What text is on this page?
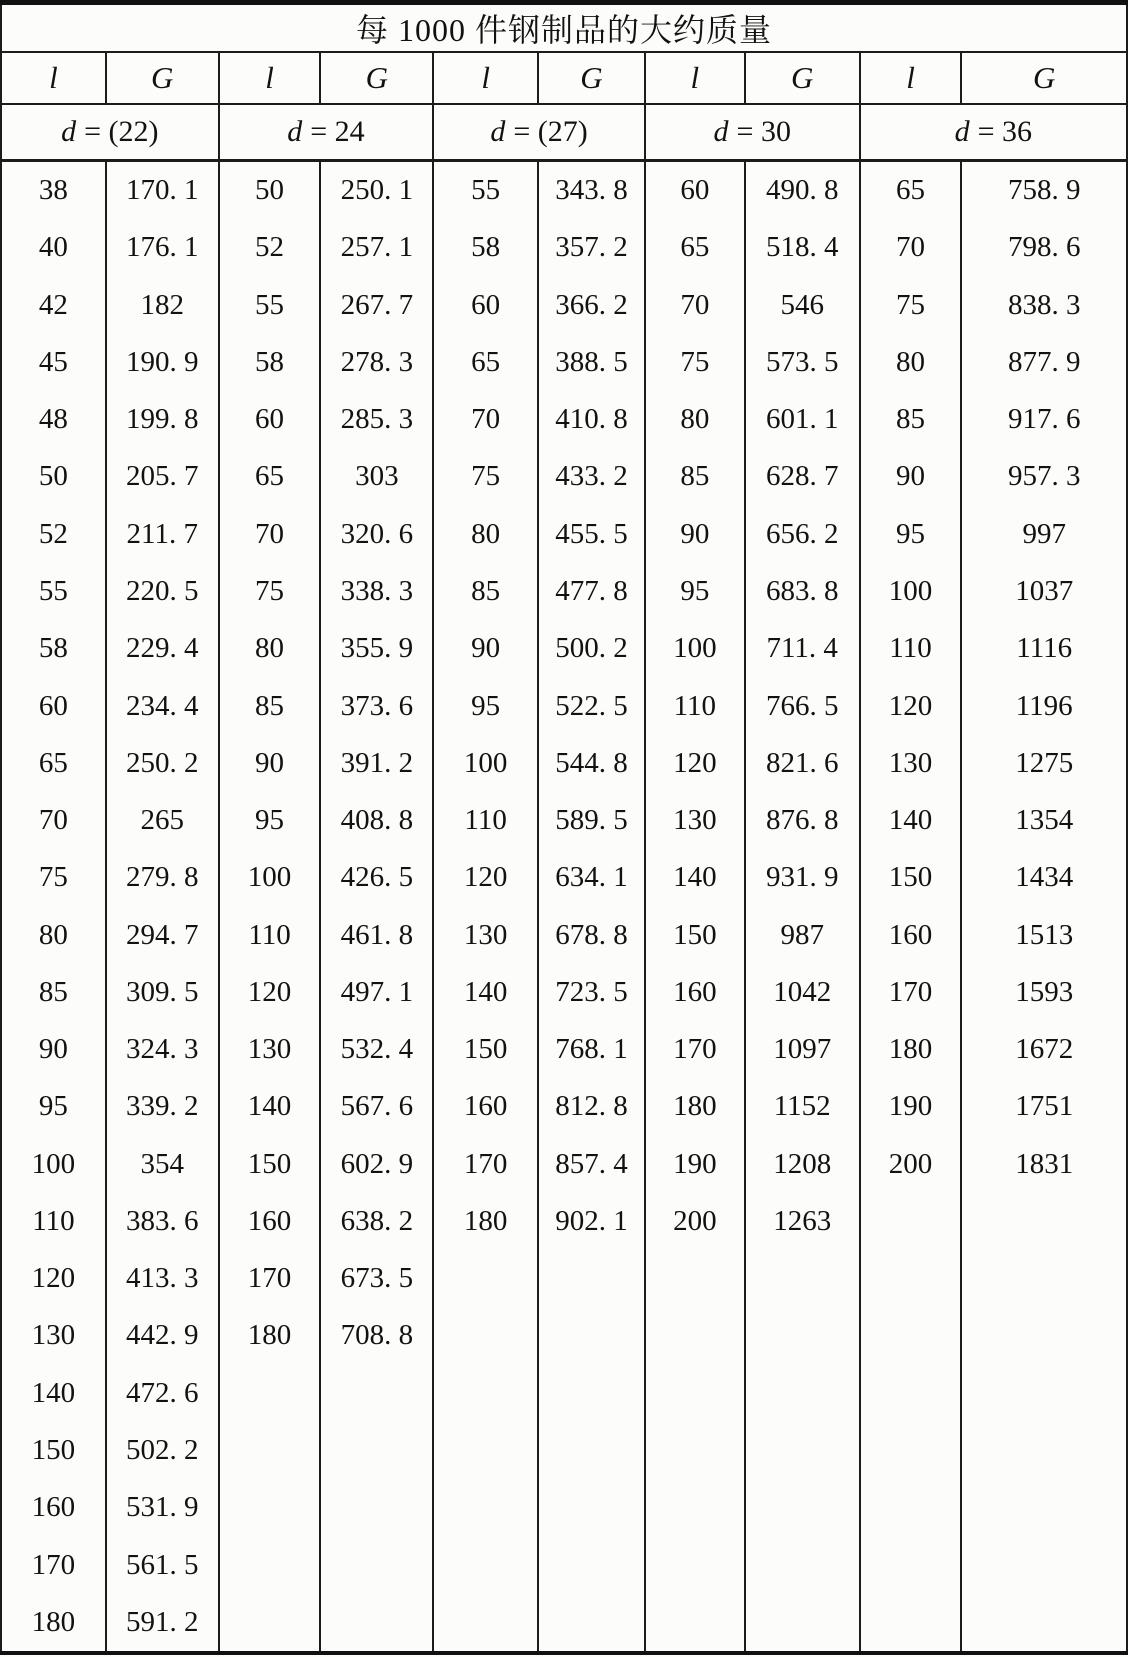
每 1000 件钢制品的大约质量									
l	G	l	G	l	G	l	G	l	G
d = (22)		d = 24		d = (27)		d = 30		d = 36	
38	170. 1	50	250. 1	55	343. 8	60	490. 8	65	758. 9
40	176. 1	52	257. 1	58	357. 2	65	518. 4	70	798. 6
42	182	55	267. 7	60	366. 2	70	546	75	838. 3
45	190. 9	58	278. 3	65	388. 5	75	573. 5	80	877. 9
48	199. 8	60	285. 3	70	410. 8	80	601. 1	85	917. 6
50	205. 7	65	303	75	433. 2	85	628. 7	90	957. 3
52	211. 7	70	320. 6	80	455. 5	90	656. 2	95	997
55	220. 5	75	338. 3	85	477. 8	95	683. 8	100	1037
58	229. 4	80	355. 9	90	500. 2	100	711. 4	110	1116
60	234. 4	85	373. 6	95	522. 5	110	766. 5	120	1196
65	250. 2	90	391. 2	100	544. 8	120	821. 6	130	1275
70	265	95	408. 8	110	589. 5	130	876. 8	140	1354
75	279. 8	100	426. 5	120	634. 1	140	931. 9	150	1434
80	294. 7	110	461. 8	130	678. 8	150	987	160	1513
85	309. 5	120	497. 1	140	723. 5	160	1042	170	1593
90	324. 3	130	532. 4	150	768. 1	170	1097	180	1672
95	339. 2	140	567. 6	160	812. 8	180	1152	190	1751
100	354	150	602. 9	170	857. 4	190	1208	200	1831
110	383. 6	160	638. 2	180	902. 1	200	1263		
120	413. 3	170	673. 5						
130	442. 9	180	708. 8						
140	472. 6								
150	502. 2								
160	531. 9								
170	561. 5								
180	591. 2								
